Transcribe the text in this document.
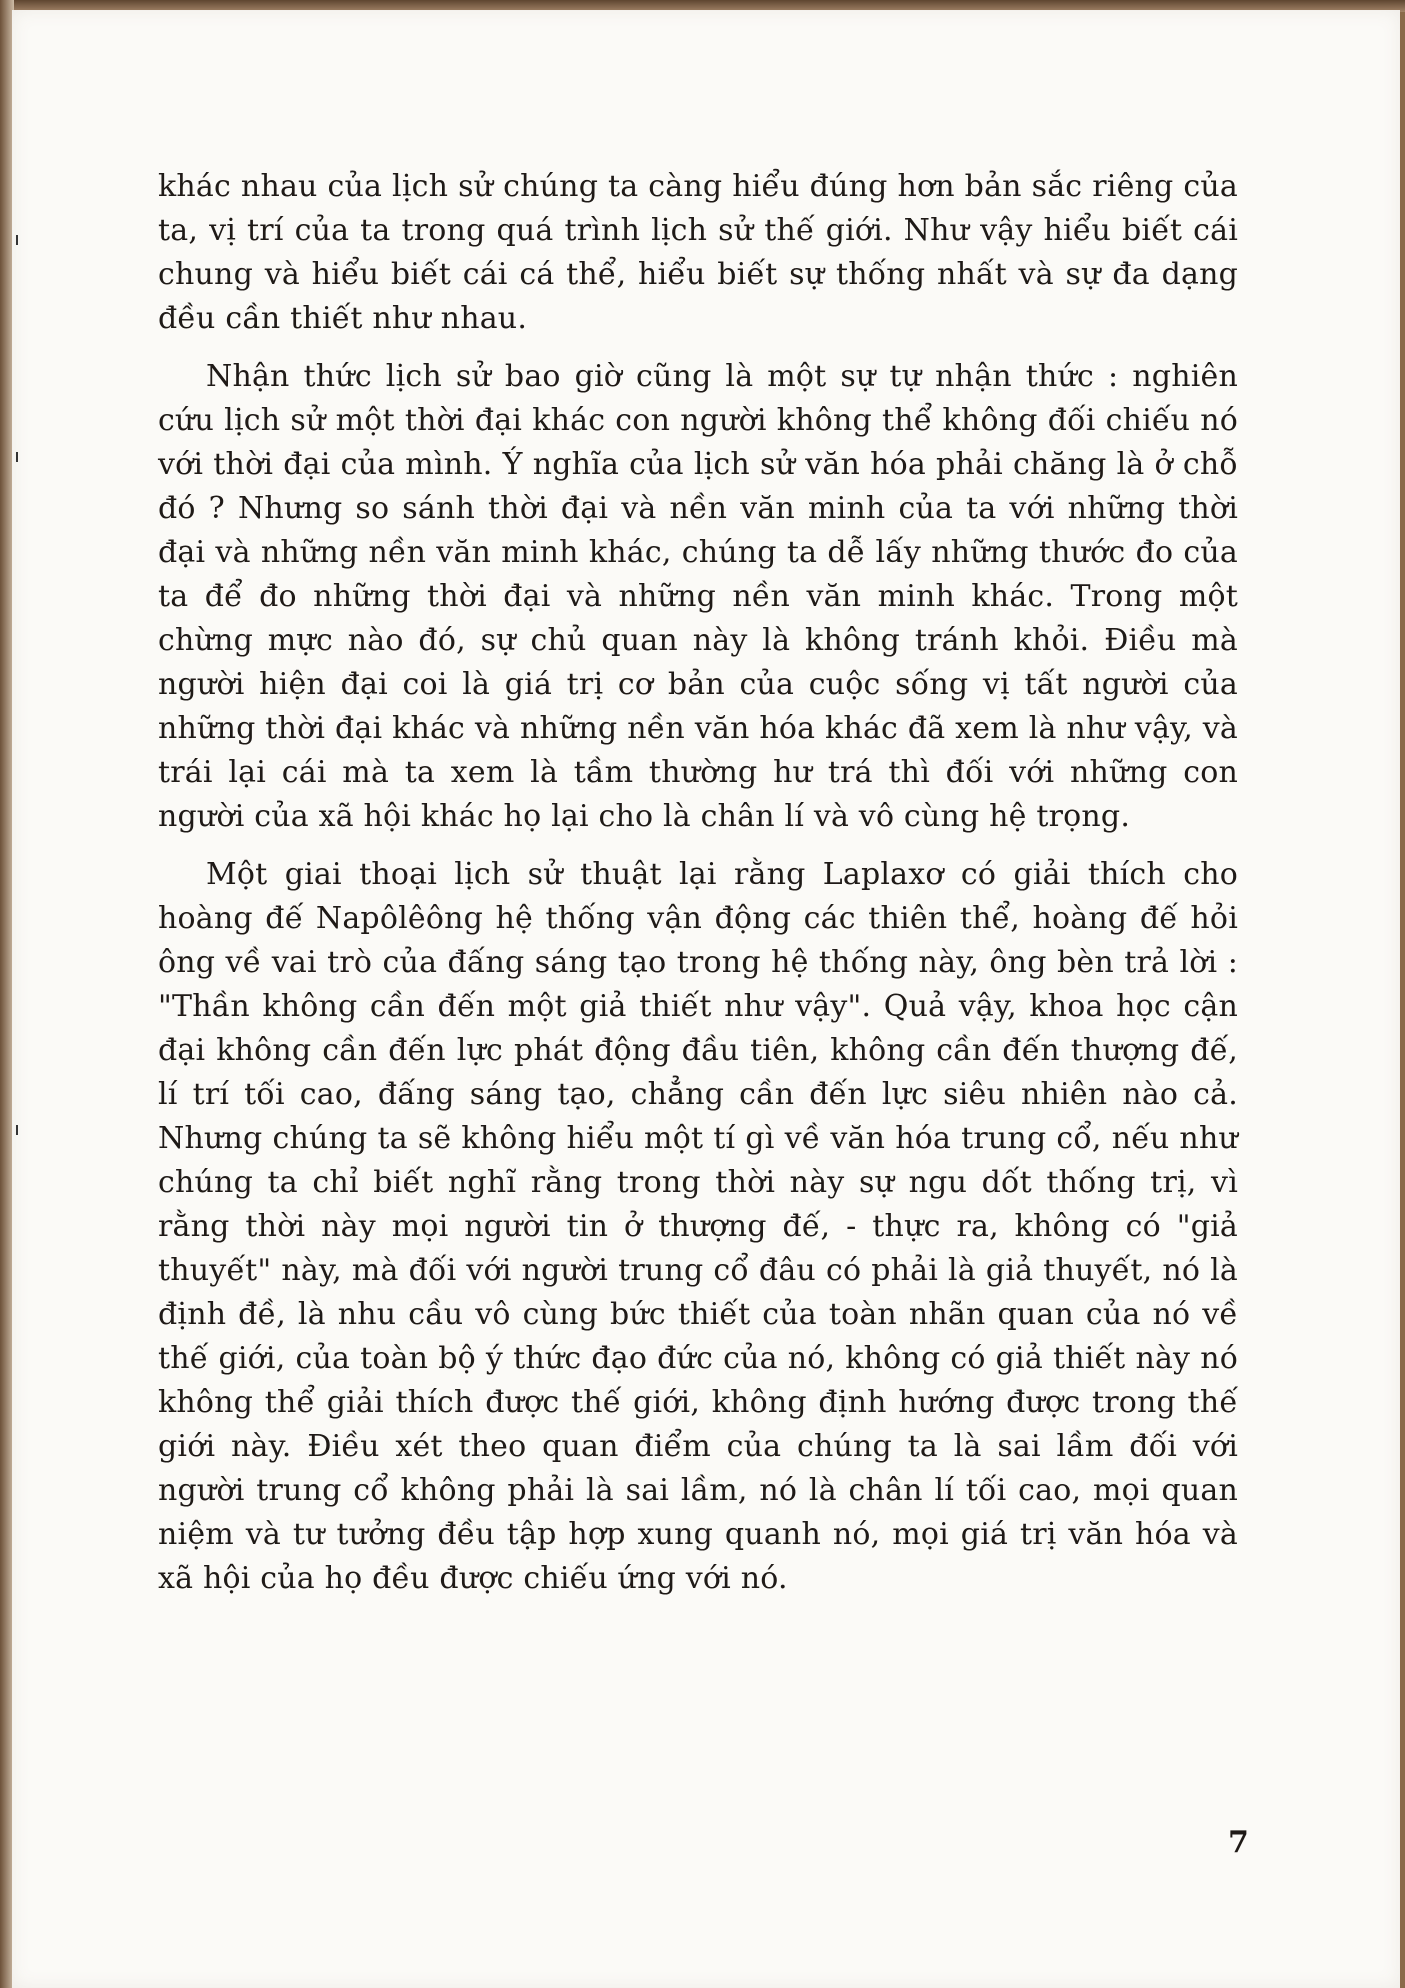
khác nhau của lịch sử chúng ta càng hiểu đúng hơn bản sắc riêng của ta, vị trí của ta trong quá trình lịch sử thế giới. Như vậy hiểu biết cái chung và hiểu biết cái cá thể, hiểu biết sự thống nhất và sự đa dạng đều cần thiết như nhau.

Nhận thức lịch sử bao giờ cũng là một sự tự nhận thức : nghiên cứu lịch sử một thời đại khác con người không thể không đối chiếu nó với thời đại của mình. Ý nghĩa của lịch sử văn hóa phải chăng là ở chỗ đó ? Nhưng so sánh thời đại và nền văn minh của ta với những thời đại và những nền văn minh khác, chúng ta dễ lấy những thước đo của ta để đo những thời đại và những nền văn minh khác. Trong một chừng mực nào đó, sự chủ quan này là không tránh khỏi. Điều mà người hiện đại coi là giá trị cơ bản của cuộc sống vị tất người của những thời đại khác và những nền văn hóa khác đã xem là như vậy, và trái lại cái mà ta xem là tầm thường hư trá thì đối với những con người của xã hội khác họ lại cho là chân lí và vô cùng hệ trọng.

Một giai thoại lịch sử thuật lại rằng Laplaxơ có giải thích cho hoàng đế Napôlêông hệ thống vận động các thiên thể, hoàng đế hỏi ông về vai trò của đấng sáng tạo trong hệ thống này, ông bèn trả lời : "Thần không cần đến một giả thiết như vậy". Quả vậy, khoa học cận đại không cần đến lực phát động đầu tiên, không cần đến thượng đế, lí trí tối cao, đấng sáng tạo, chẳng cần đến lực siêu nhiên nào cả. Nhưng chúng ta sẽ không hiểu một tí gì về văn hóa trung cổ, nếu như chúng ta chỉ biết nghĩ rằng trong thời này sự ngu dốt thống trị, vì rằng thời này mọi người tin ở thượng đế, - thực ra, không có "giả thuyết" này, mà đối với người trung cổ đâu có phải là giả thuyết, nó là định đề, là nhu cầu vô cùng bức thiết của toàn nhãn quan của nó về thế giới, của toàn bộ ý thức đạo đức của nó, không có giả thiết này nó không thể giải thích được thế giới, không định hướng được trong thế giới này. Điều xét theo quan điểm của chúng ta là sai lầm đối với người trung cổ không phải là sai lầm, nó là chân lí tối cao, mọi quan niệm và tư tưởng đều tập hợp xung quanh nó, mọi giá trị văn hóa và xã hội của họ đều được chiếu ứng với nó.

7
